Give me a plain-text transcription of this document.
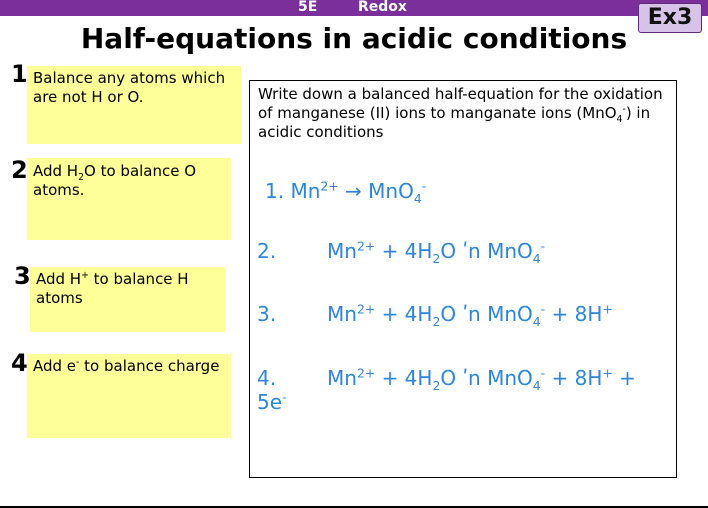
5E	Redox	Ex3
Half-equations in acidic conditions
Balance any atoms which are not H or O.
1
Add $H_2O$ to balance O atoms.
2
Add H+ to balance H atoms
3
Add e- to balance charge
4
Write down a balanced half-equation for the oxidation of manganese (II) ions to manganate ions (MnO$_4$-) in acidic conditions
1. $Mn^{2+} \to MnO_4^-$
2.	$Mn^{2+} + 4H_2O$ ʹn MnO$_4$-
3.	$Mn^{2+} + 4H_2O$ ʹn MnO$_4$- + 8H+
4.	$Mn^{2+} + 4H_2O$ ʹn MnO$_4$- + 8H+ +
5e-
